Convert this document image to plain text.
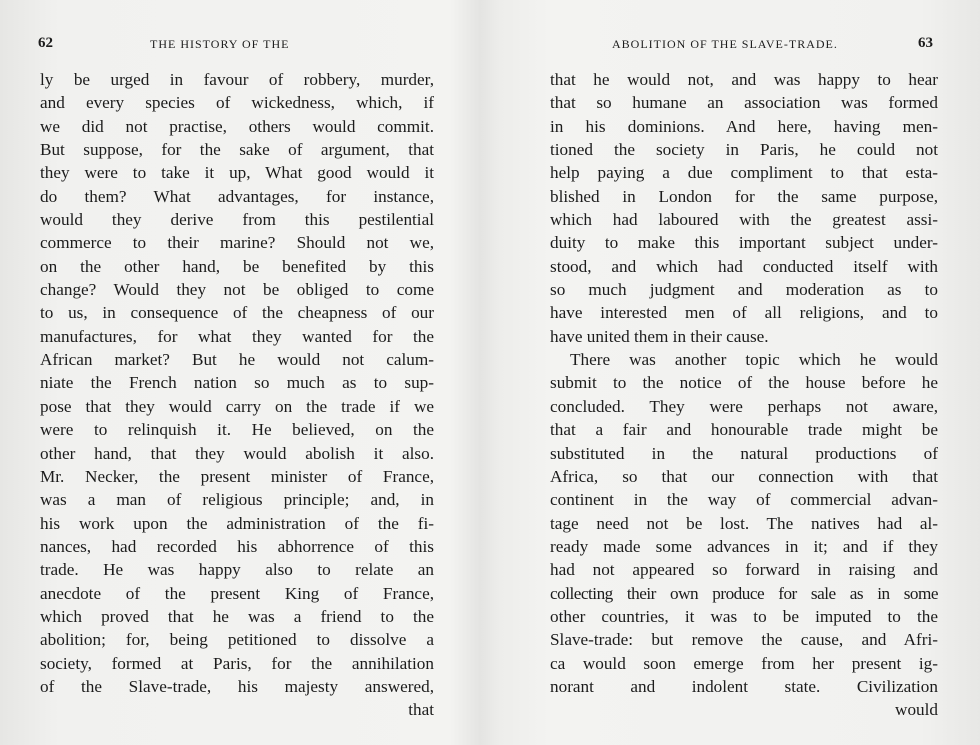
62	THE HISTORY OF THE
ly be urged in favour of robbery, murder,
and every species of wickedness, which, if
we did not practise, others would commit.
But suppose, for the sake of argument, that
they were to take it up, What good would it
do them? What advantages, for instance,
would they derive from this pestilential
commerce to their marine? Should not we,
on the other hand, be benefited by this
change? Would they not be obliged to come
to us, in consequence of the cheapness of our
manufactures, for what they wanted for the
African market? But he would not calum-
niate the French nation so much as to sup-
pose that they would carry on the trade if we
were to relinquish it. He believed, on the
other hand, that they would abolish it also.
Mr. Necker, the present minister of France,
was a man of religious principle; and, in
his work upon the administration of the fi-
nances, had recorded his abhorrence of this
trade. He was happy also to relate an
anecdote of the present King of France,
which proved that he was a friend to the
abolition; for, being petitioned to dissolve a
society, formed at Paris, for the annihilation
of the Slave-trade, his majesty answered,
that
ABOLITION OF THE SLAVE-TRADE.	63
that he would not, and was happy to hear
that so humane an association was formed
in his dominions. And here, having men-
tioned the society in Paris, he could not
help paying a due compliment to that esta-
blished in London for the same purpose,
which had laboured with the greatest assi-
duity to make this important subject under-
stood, and which had conducted itself with
so much judgment and moderation as to
have interested men of all religions, and to
have united them in their cause.
There was another topic which he would
submit to the notice of the house before he
concluded. They were perhaps not aware,
that a fair and honourable trade might be
substituted in the natural productions of
Africa, so that our connection with that
continent in the way of commercial advan-
tage need not be lost. The natives had al-
ready made some advances in it; and if they
had not appeared so forward in raising and
collecting their own produce for sale as in some
other countries, it was to be imputed to the
Slave-trade: but remove the cause, and Afri-
ca would soon emerge from her present ig-
norant and indolent state. Civilization
would
